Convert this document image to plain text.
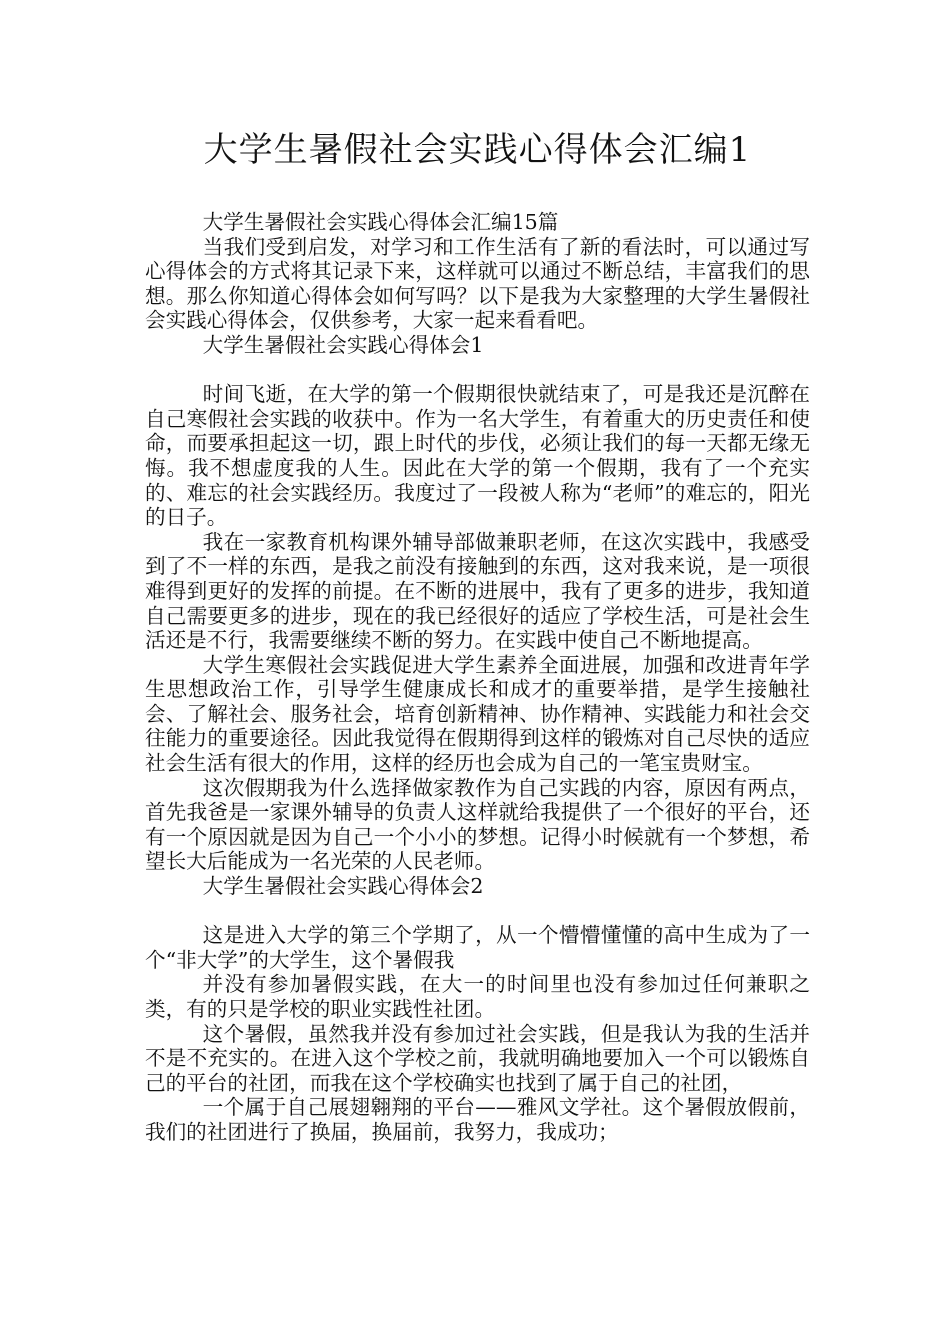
大学生暑假社会实践心得体会汇编1

大学生暑假社会实践心得体会汇编15篇

当我们受到启发，对学习和工作生活有了新的看法时，可以通过写心得体会的方式将其记录下来，这样就可以通过不断总结，丰富我们的思想。那么你知道心得体会如何写吗？以下是我为大家整理的大学生暑假社会实践心得体会，仅供参考，大家一起来看看吧。

大学生暑假社会实践心得体会1

时间飞逝，在大学的第一个假期很快就结束了，可是我还是沉醉在自己寒假社会实践的收获中。作为一名大学生，有着重大的历史责任和使命，而要承担起这一切，跟上时代的步伐，必须让我们的每一天都无缘无悔。我不想虚度我的人生。因此在大学的第一个假期，我有了一个充实的、难忘的社会实践经历。我度过了一段被人称为“老师”的难忘的，阳光的日子。

我在一家教育机构课外辅导部做兼职老师，在这次实践中，我感受到了不一样的东西，是我之前没有接触到的东西，这对我来说，是一项很难得到更好的发挥的前提。在不断的进展中，我有了更多的进步，我知道自己需要更多的进步，现在的我已经很好的适应了学校生活，可是社会生活还是不行，我需要继续不断的努力。在实践中使自己不断地提高。

大学生寒假社会实践促进大学生素养全面进展，加强和改进青年学生思想政治工作，引导学生健康成长和成才的重要举措，是学生接触社会、了解社会、服务社会，培育创新精神、协作精神、实践能力和社会交往能力的重要途径。因此我觉得在假期得到这样的锻炼对自己尽快的适应社会生活有很大的作用，这样的经历也会成为自己的一笔宝贵财宝。

这次假期我为什么选择做家教作为自己实践的内容，原因有两点，首先我爸是一家课外辅导的负责人这样就给我提供了一个很好的平台，还有一个原因就是因为自己一个小小的梦想。记得小时候就有一个梦想，希望长大后能成为一名光荣的人民老师。

大学生暑假社会实践心得体会2

这是进入大学的第三个学期了，从一个懵懵懂懂的高中生成为了一个“非大学”的大学生，这个暑假我

并没有参加暑假实践，在大一的时间里也没有参加过任何兼职之类，有的只是学校的职业实践性社团。

这个暑假，虽然我并没有参加过社会实践，但是我认为我的生活并不是不充实的。在进入这个学校之前，我就明确地要加入一个可以锻炼自己的平台的社团，而我在这个学校确实也找到了属于自己的社团，

一个属于自己展翅翱翔的平台——雅风文学社。这个暑假放假前，我们的社团进行了换届，换届前，我努力，我成功；
